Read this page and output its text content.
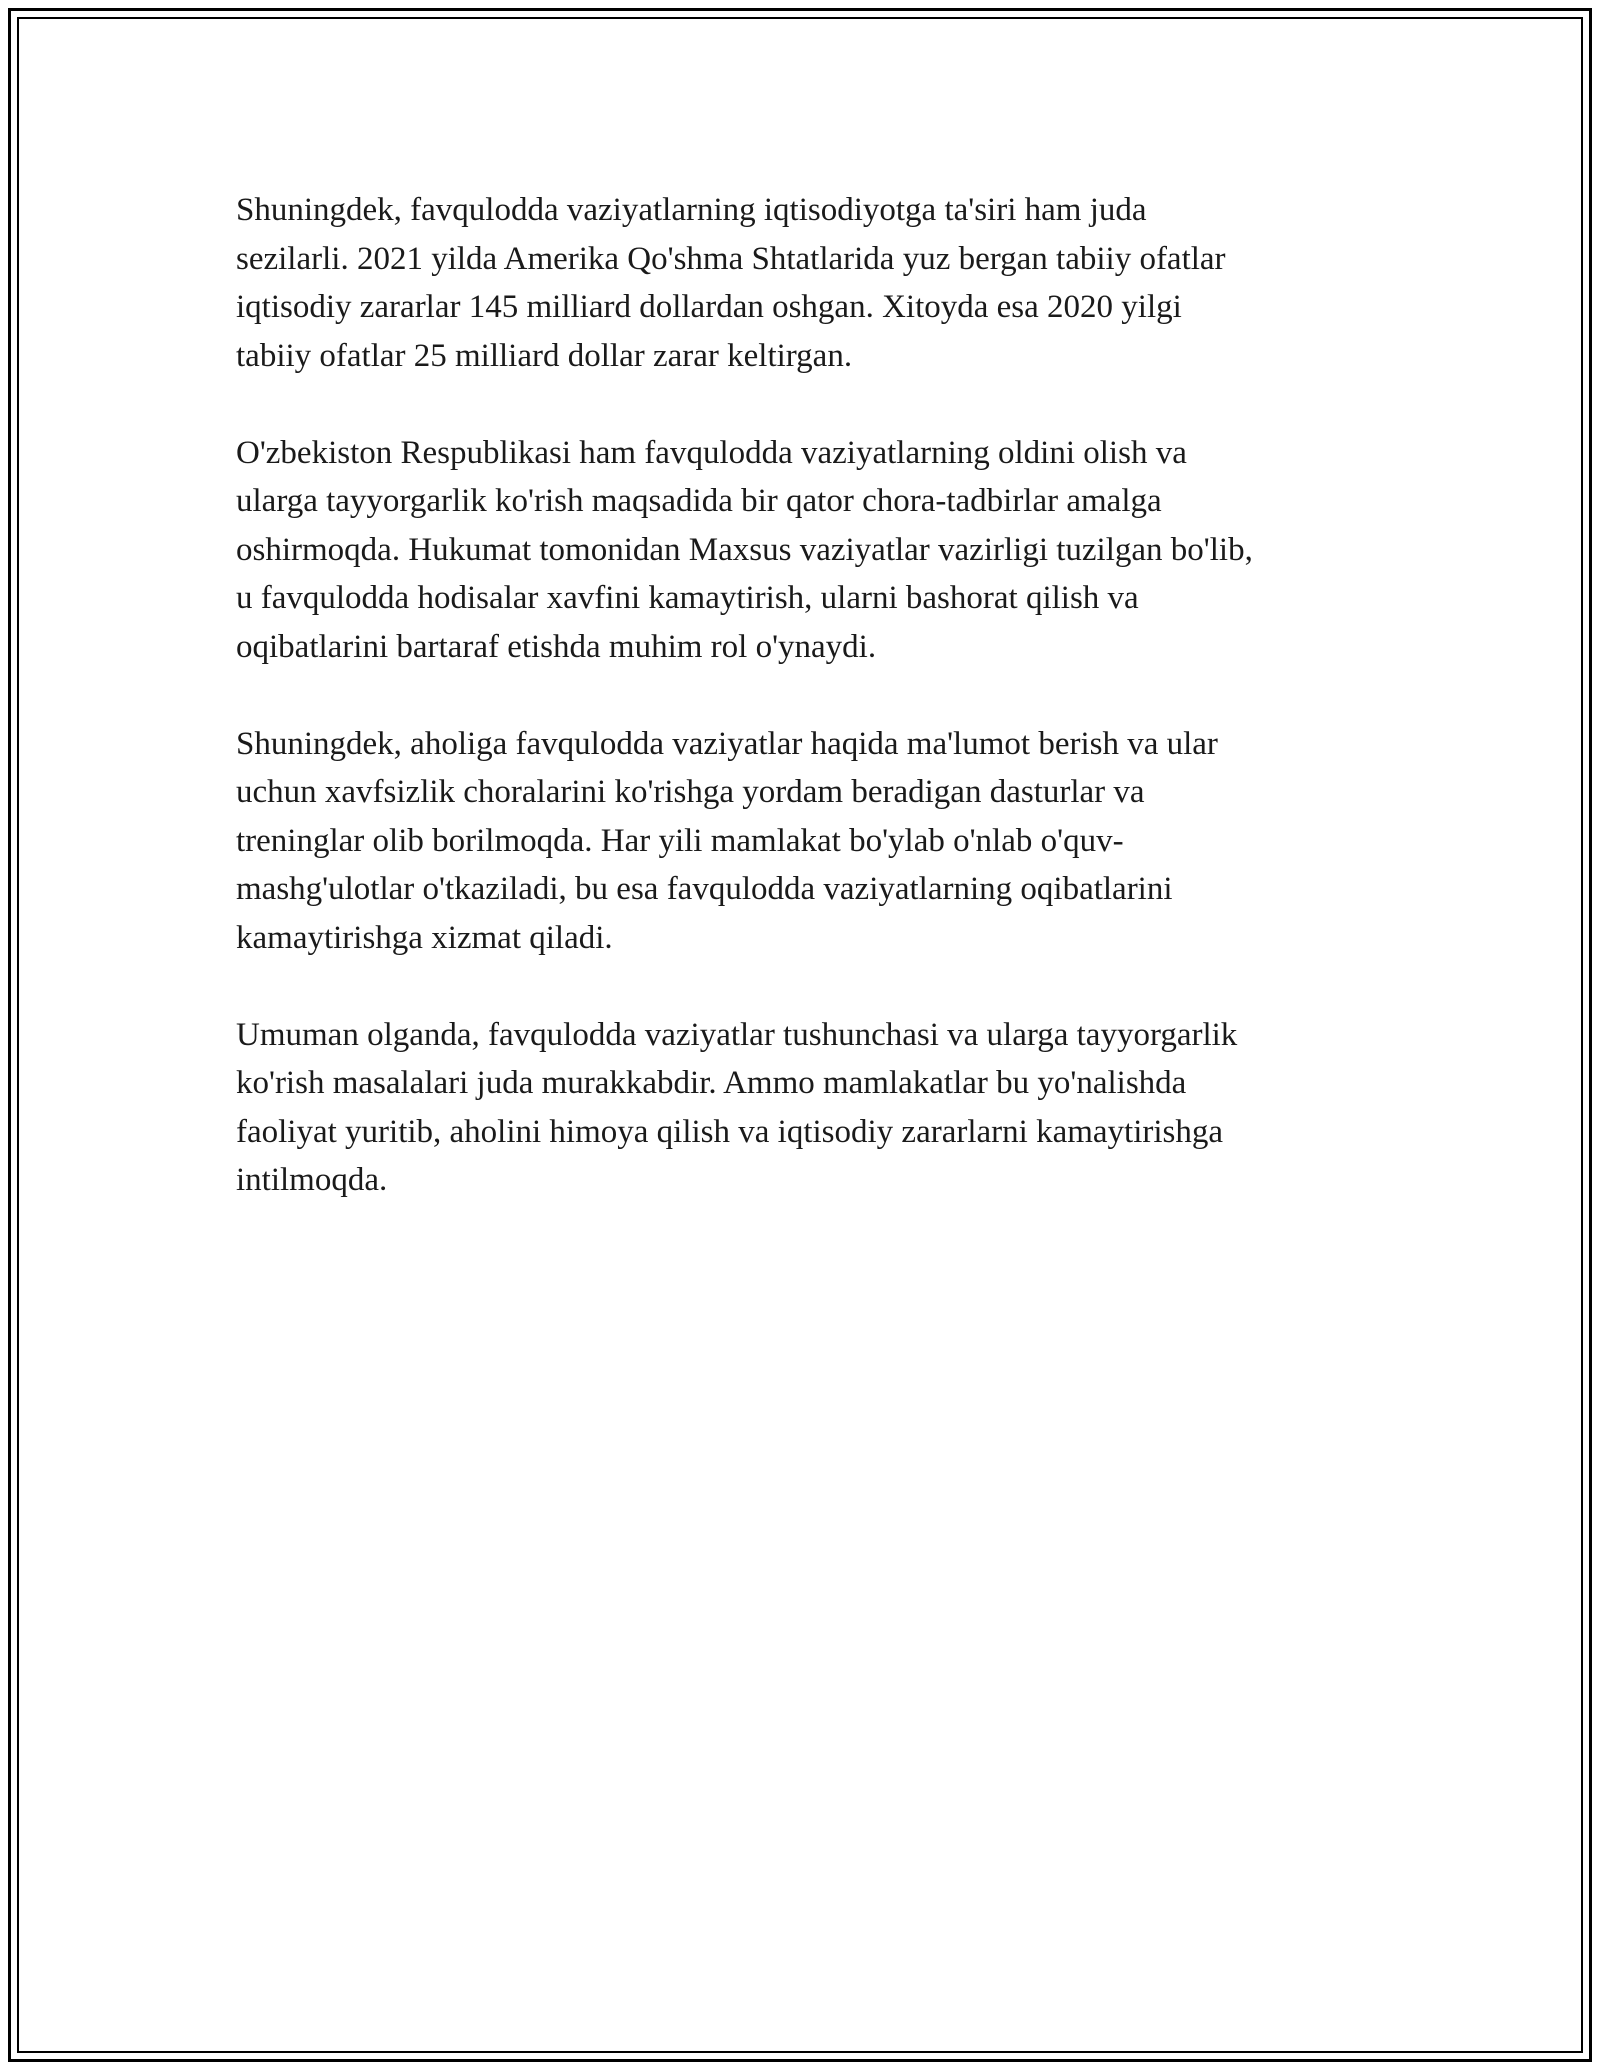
Shuningdek, favqulodda vaziyatlarning iqtisodiyotga ta'siri ham juda
sezilarli. 2021 yilda Amerika Qo'shma Shtatlarida yuz bergan tabiiy ofatlar
iqtisodiy zararlar 145 milliard dollardan oshgan. Xitoyda esa 2020 yilgi
tabiiy ofatlar 25 milliard dollar zarar keltirgan.

O'zbekiston Respublikasi ham favqulodda vaziyatlarning oldini olish va
ularga tayyorgarlik ko'rish maqsadida bir qator chora-tadbirlar amalga
oshirmoqda. Hukumat tomonidan Maxsus vaziyatlar vazirligi tuzilgan bo'lib,
u favqulodda hodisalar xavfini kamaytirish, ularni bashorat qilish va
oqibatlarini bartaraf etishda muhim rol o'ynaydi.

Shuningdek, aholiga favqulodda vaziyatlar haqida ma'lumot berish va ular
uchun xavfsizlik choralarini ko'rishga yordam beradigan dasturlar va
treninglar olib borilmoqda. Har yili mamlakat bo'ylab o'nlab o'quv-
mashg'ulotlar o'tkaziladi, bu esa favqulodda vaziyatlarning oqibatlarini
kamaytirishga xizmat qiladi.

Umuman olganda, favqulodda vaziyatlar tushunchasi va ularga tayyorgarlik
ko'rish masalalari juda murakkabdir. Ammo mamlakatlar bu yo'nalishda
faoliyat yuritib, aholini himoya qilish va iqtisodiy zararlarni kamaytirishga
intilmoqda.
